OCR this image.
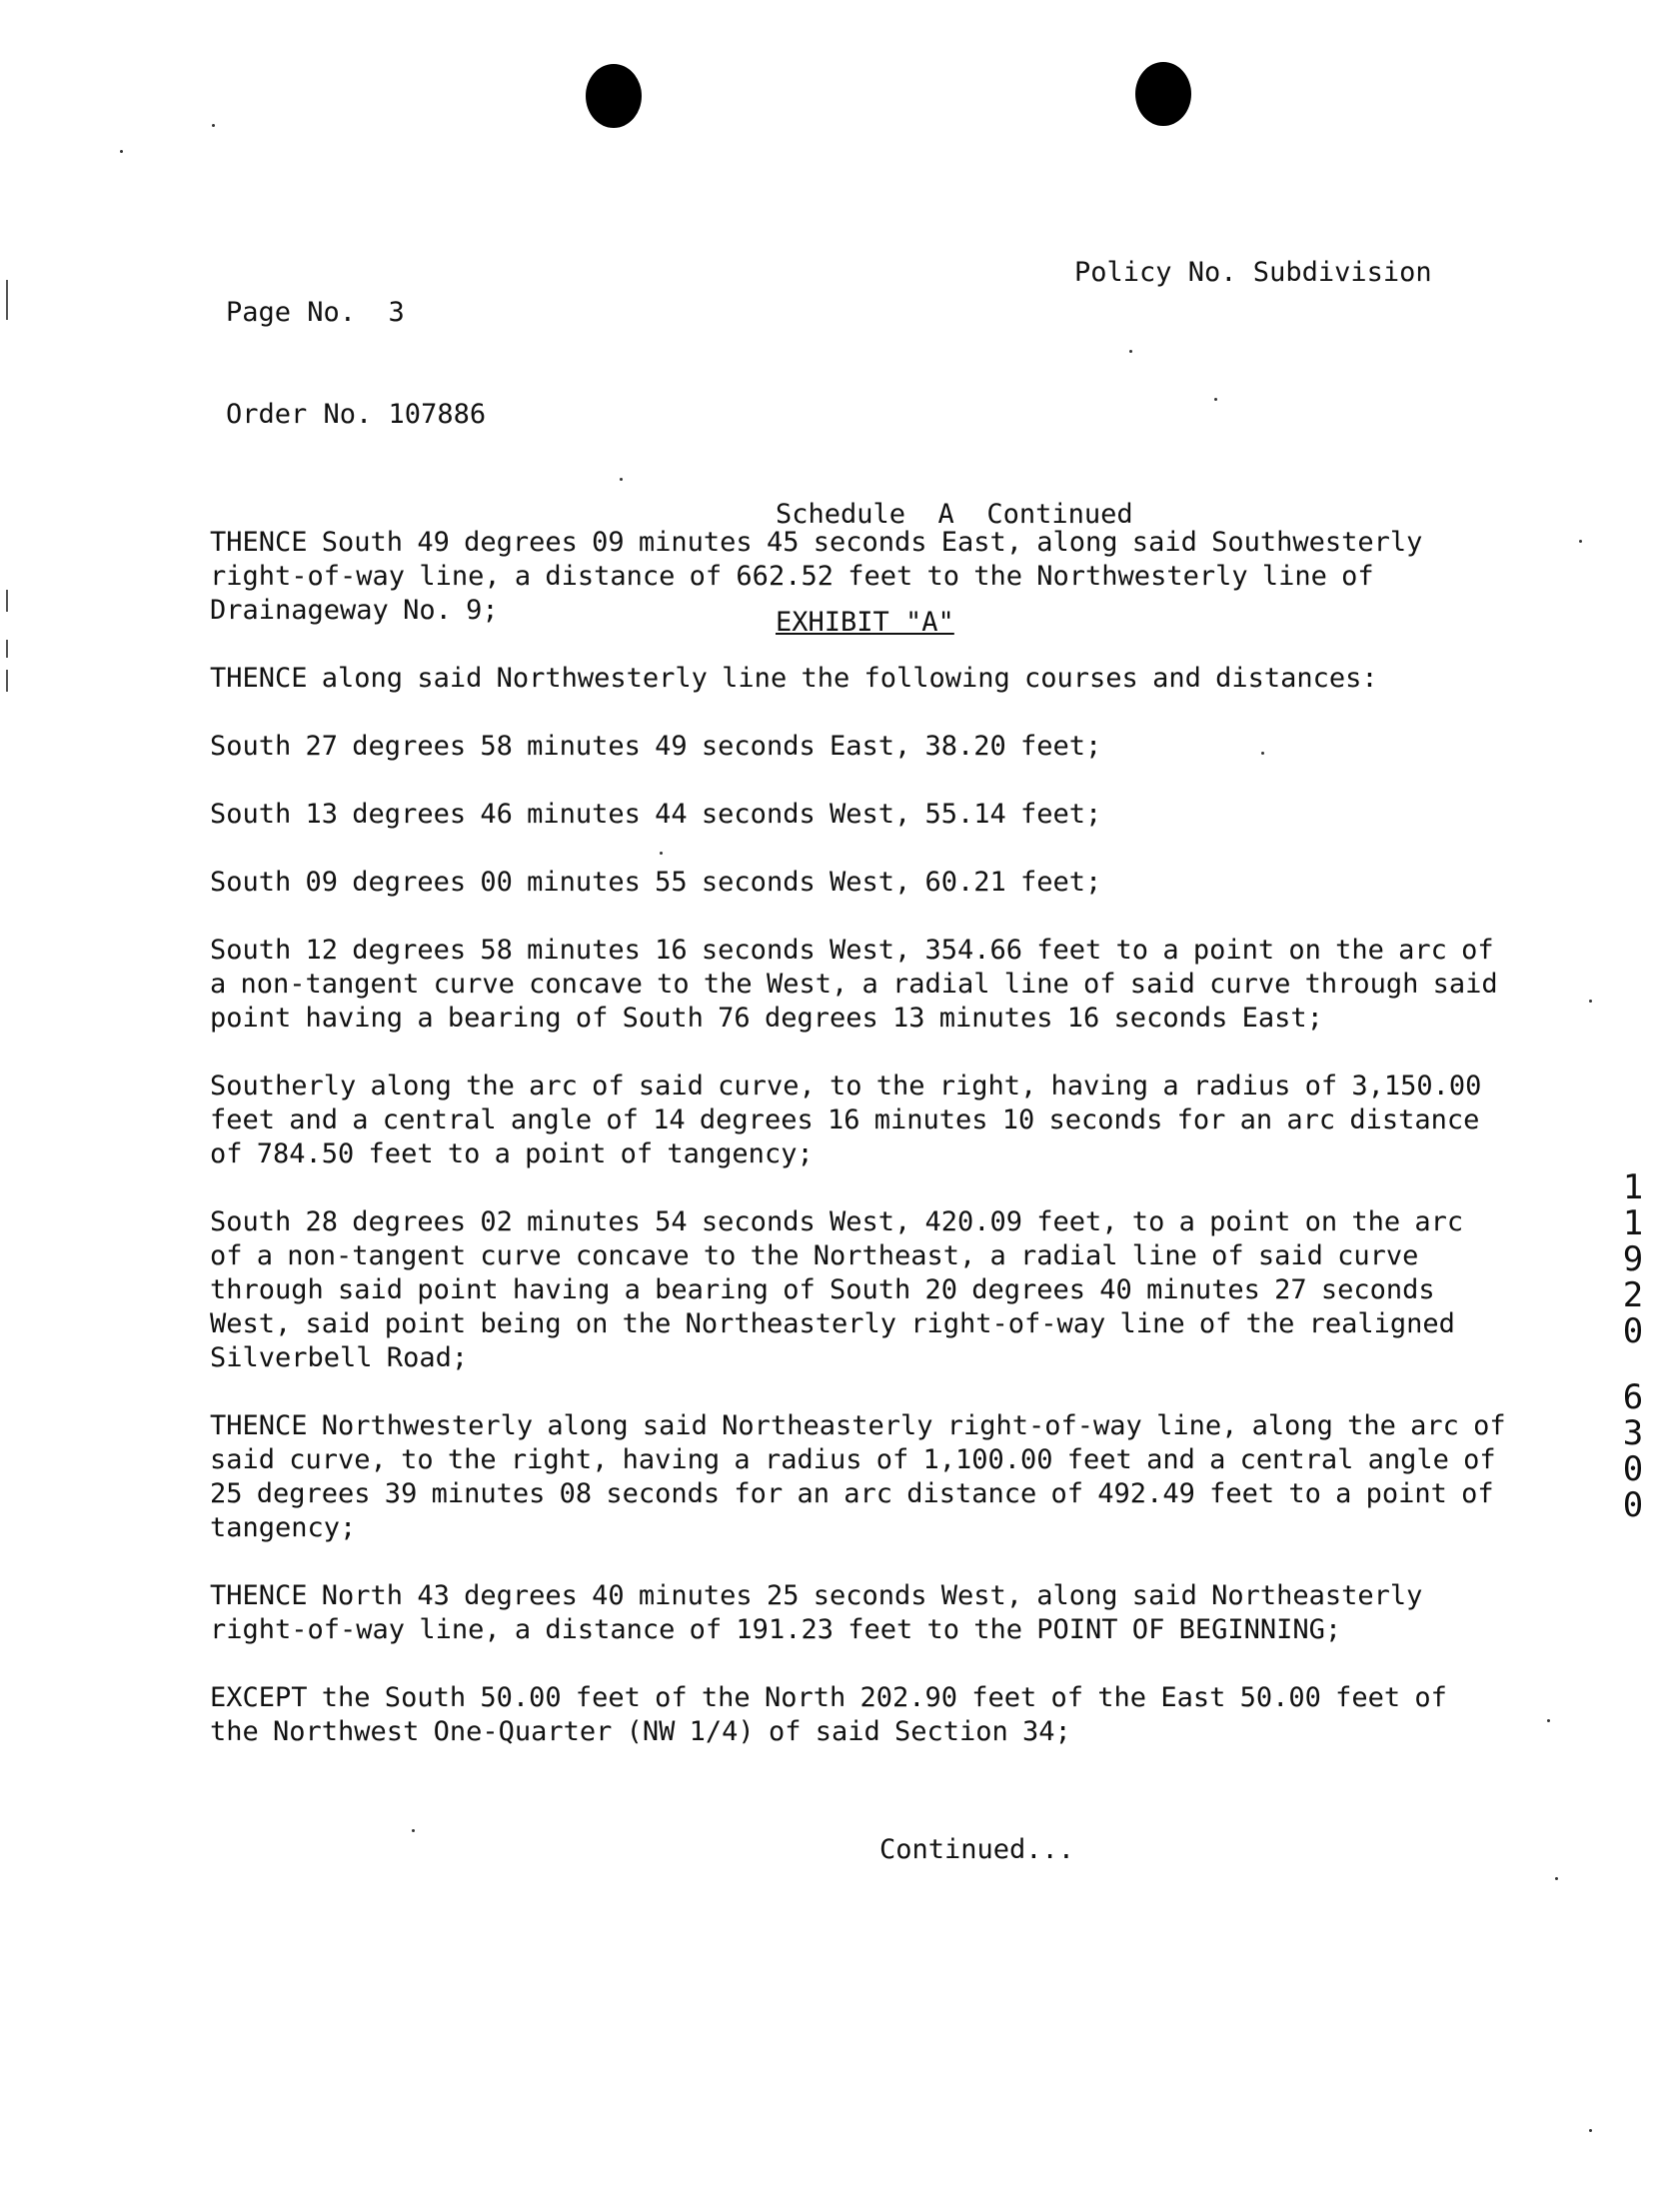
Page No.  3

Order No. 107886

Policy No. Subdivision

Schedule  A  Continued

EXHIBIT "A"

THENCE South 49 degrees 09 minutes 45 seconds East, along said Southwesterly right-of-way line, a distance of 662.52 feet to the Northwesterly line of Drainageway No. 9;

THENCE along said Northwesterly line the following courses and distances:

South 27 degrees 58 minutes 49 seconds East, 38.20 feet;

South 13 degrees 46 minutes 44 seconds West, 55.14 feet;

South 09 degrees 00 minutes 55 seconds West, 60.21 feet;

South 12 degrees 58 minutes 16 seconds West, 354.66 feet to a point on the arc of a non-tangent curve concave to the West, a radial line of said curve through said point having a bearing of South 76 degrees 13 minutes 16 seconds East;

Southerly along the arc of said curve, to the right, having a radius of 3,150.00 feet and a central angle of 14 degrees 16 minutes 10 seconds for an arc distance of 784.50 feet to a point of tangency;

South 28 degrees 02 minutes 54 seconds West, 420.09 feet, to a point on the arc of a non-tangent curve concave to the Northeast, a radial line of said curve through said point having a bearing of South 20 degrees 40 minutes 27 seconds West, said point being on the Northeasterly right-of-way line of the realigned Silverbell Road;

THENCE Northwesterly along said Northeasterly right-of-way line, along the arc of said curve, to the right, having a radius of 1,100.00 feet and a central angle of 25 degrees 39 minutes 08 seconds for an arc distance of 492.49 feet to a point of tangency;

THENCE North 43 degrees 40 minutes 25 seconds West, along said Northeasterly right-of-way line, a distance of 191.23 feet to the POINT OF BEGINNING;

EXCEPT the South 50.00 feet of the North 202.90 feet of the East 50.00 feet of the Northwest One-Quarter (NW 1/4) of said Section 34;

Continued...
1
1
9
2
0
6
3
0
0
